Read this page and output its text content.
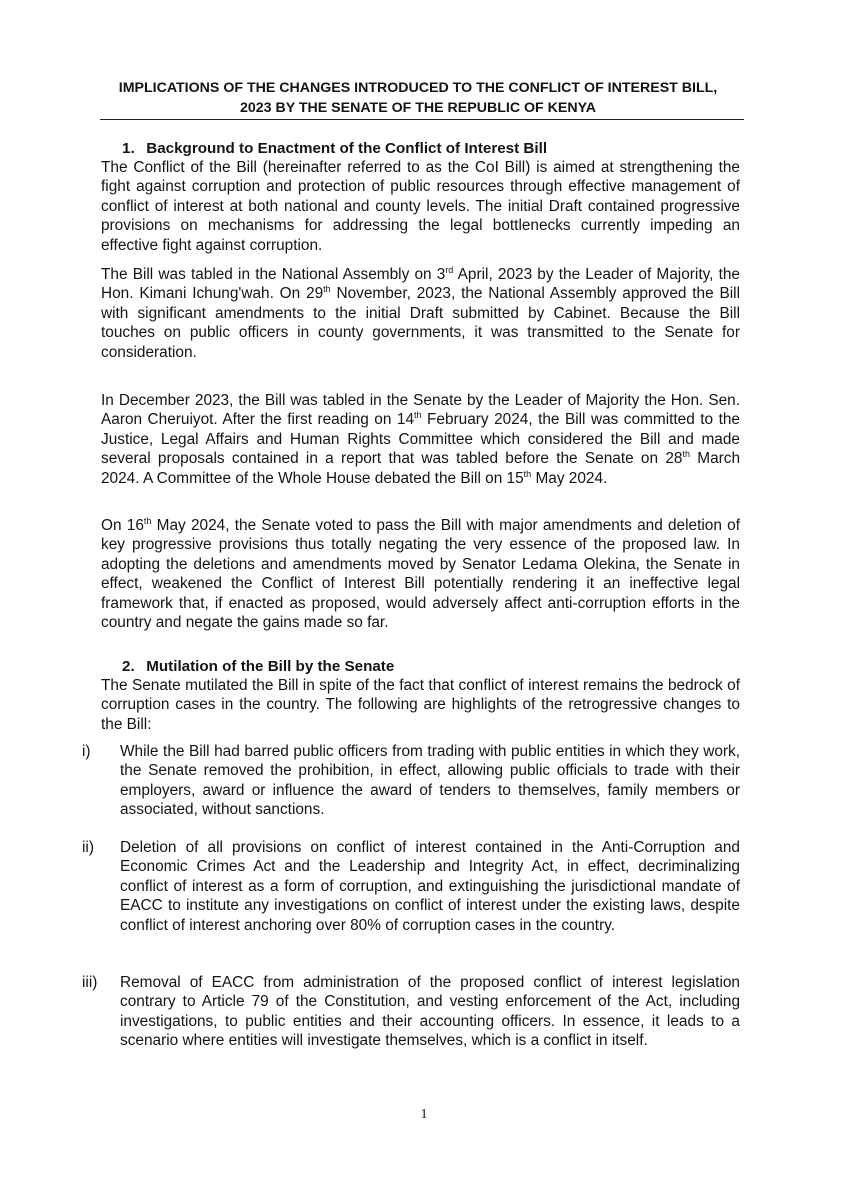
IMPLICATIONS OF THE CHANGES INTRODUCED TO THE CONFLICT OF INTEREST BILL,
2023 BY THE SENATE OF THE REPUBLIC OF KENYA
1. Background to Enactment of the Conflict of Interest Bill

The Conflict of the Bill (hereinafter referred to as the CoI Bill) is aimed at strengthening the fight against corruption and protection of public resources through effective management of conflict of interest at both national and county levels. The initial Draft contained progressive provisions on mechanisms for addressing the legal bottlenecks currently impeding an effective fight against corruption.

The Bill was tabled in the National Assembly on 3rd April, 2023 by the Leader of Majority, the Hon. Kimani Ichung'wah. On 29th November, 2023, the National Assembly approved the Bill with significant amendments to the initial Draft submitted by Cabinet. Because the Bill touches on public officers in county governments, it was transmitted to the Senate for consideration.

In December 2023, the Bill was tabled in the Senate by the Leader of Majority the Hon. Sen. Aaron Cheruiyot. After the first reading on 14th February 2024, the Bill was committed to the Justice, Legal Affairs and Human Rights Committee which considered the Bill and made several proposals contained in a report that was tabled before the Senate on 28th March 2024. A Committee of the Whole House debated the Bill on 15th May 2024.

On 16th May 2024, the Senate voted to pass the Bill with major amendments and deletion of key progressive provisions thus totally negating the very essence of the proposed law. In adopting the deletions and amendments moved by Senator Ledama Olekina, the Senate in effect, weakened the Conflict of Interest Bill potentially rendering it an ineffective legal framework that, if enacted as proposed, would adversely affect anti-corruption efforts in the country and negate the gains made so far.

2. Mutilation of the Bill by the Senate

The Senate mutilated the Bill in spite of the fact that conflict of interest remains the bedrock of corruption cases in the country. The following are highlights of the retrogressive changes to the Bill:

i) While the Bill had barred public officers from trading with public entities in which they work, the Senate removed the prohibition, in effect, allowing public officials to trade with their employers, award or influence the award of tenders to themselves, family members or associated, without sanctions.
ii) Deletion of all provisions on conflict of interest contained in the Anti-Corruption and Economic Crimes Act and the Leadership and Integrity Act, in effect, decriminalizing conflict of interest as a form of corruption, and extinguishing the jurisdictional mandate of EACC to institute any investigations on conflict of interest under the existing laws, despite conflict of interest anchoring over 80% of corruption cases in the country.
iii) Removal of EACC from administration of the proposed conflict of interest legislation contrary to Article 79 of the Constitution, and vesting enforcement of the Act, including investigations, to public entities and their accounting officers. In essence, it leads to a scenario where entities will investigate themselves, which is a conflict in itself.
1
